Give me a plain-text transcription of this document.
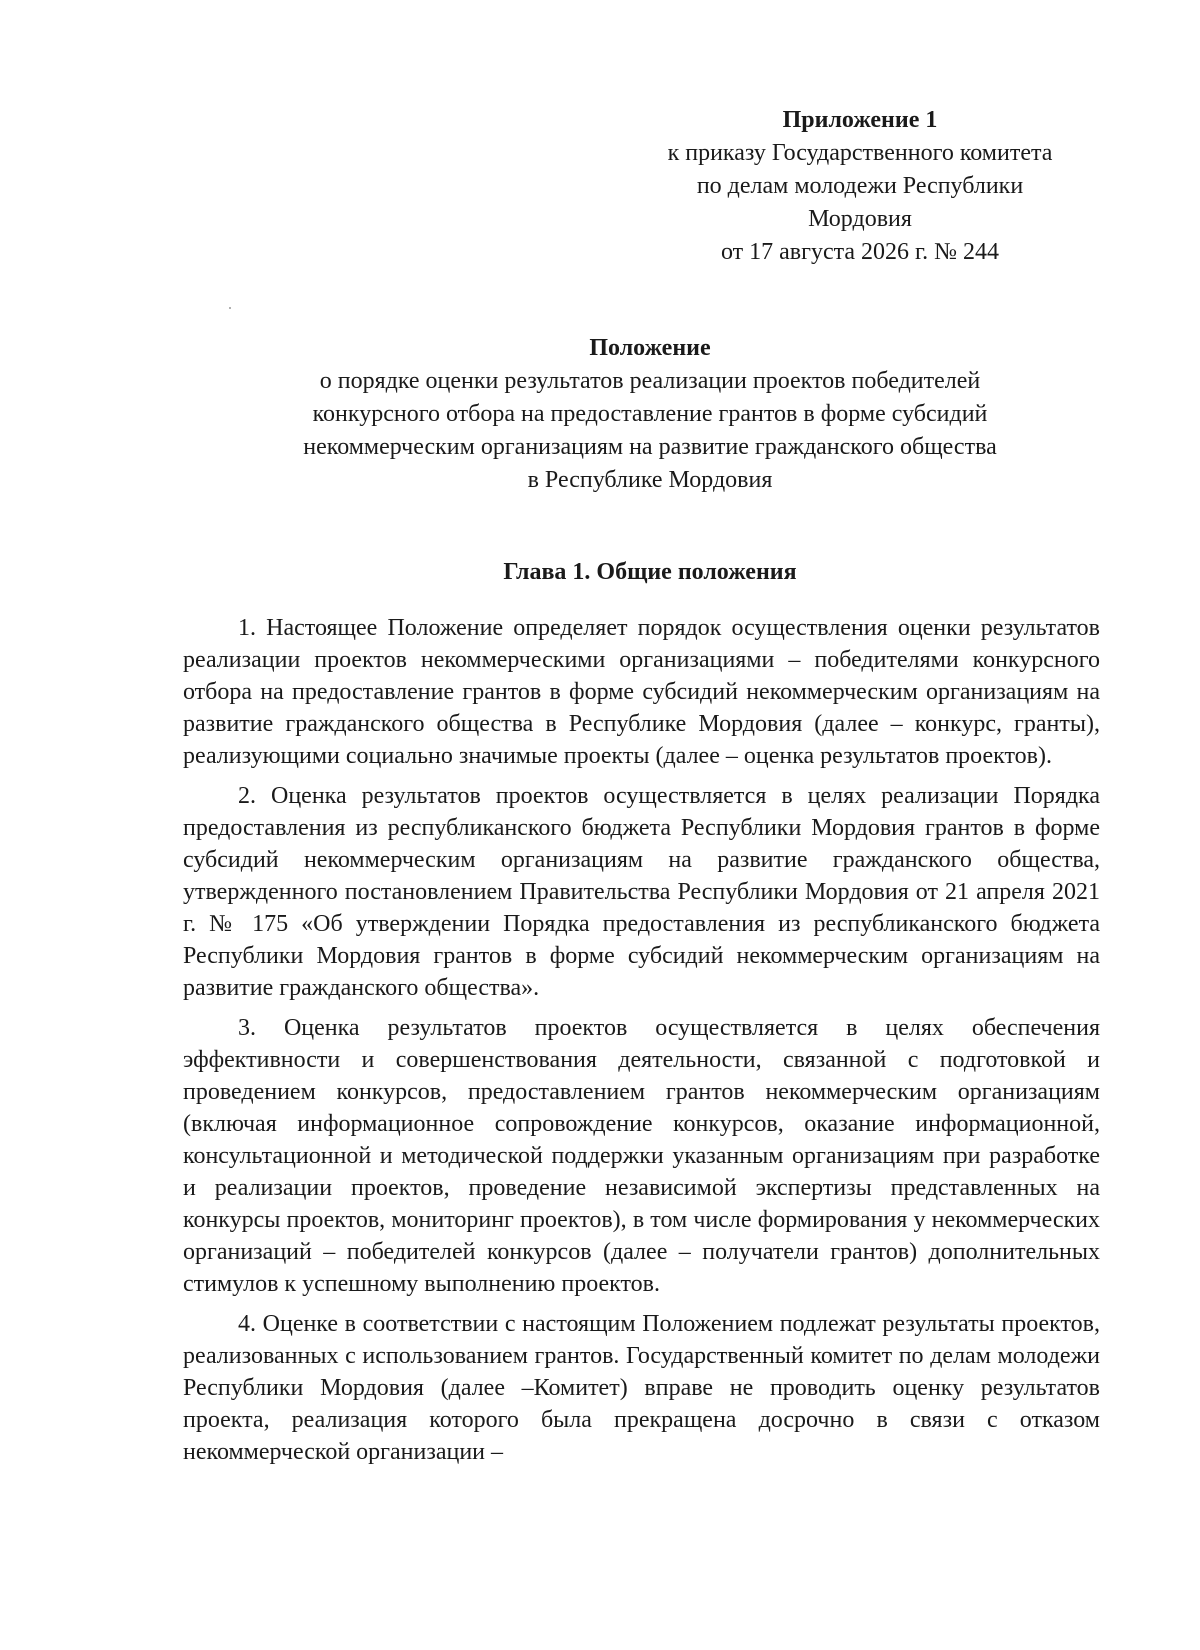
Приложение 1
к приказу Государственного комитета
по делам молодежи Республики
Мордовия
от 17 августа 2026 г. № 244
Положение
о порядке оценки результатов реализации проектов победителей
конкурсного отбора на предоставление грантов в форме субсидий
некоммерческим организациям на развитие гражданского общества
в Республике Мордовия
Глава 1. Общие положения

1. Настоящее Положение определяет порядок осуществления оценки результатов реализации проектов некоммерческими организациями – победителями конкурсного отбора на предоставление грантов в форме субсидий некоммерческим организациям на развитие гражданского общества в Республике Мордовия (далее – конкурс, гранты), реализующими социально значимые проекты (далее – оценка результатов проектов).

2. Оценка результатов проектов осуществляется в целях реализации Порядка предоставления из республиканского бюджета Республики Мордовия грантов в форме субсидий некоммерческим организациям на развитие гражданского общества, утвержденного постановлением Правительства Республики Мордовия от 21 апреля 2021 г. № 175 «Об утверждении Порядка предоставления из республиканского бюджета Республики Мордовия грантов в форме субсидий некоммерческим организациям на развитие гражданского общества».

3. Оценка результатов проектов осуществляется в целях обеспечения эффективности и совершенствования деятельности, связанной с подготовкой и проведением конкурсов, предоставлением грантов некоммерческим организациям (включая информационное сопровождение конкурсов, оказание информационной, консультационной и методической поддержки указанным организациям при разработке и реализации проектов, проведение независимой экспертизы представленных на конкурсы проектов, мониторинг проектов), в том числе формирования у некоммерческих организаций – победителей конкурсов (далее – получатели грантов) дополнительных стимулов к успешному выполнению проектов.

4. Оценке в соответствии с настоящим Положением подлежат результаты проектов, реализованных с использованием грантов. Государственный комитет по делам молодежи Республики Мордовия (далее –Комитет) вправе не проводить оценку результатов проекта, реализация которого была прекращена досрочно в связи с отказом некоммерческой организации –
